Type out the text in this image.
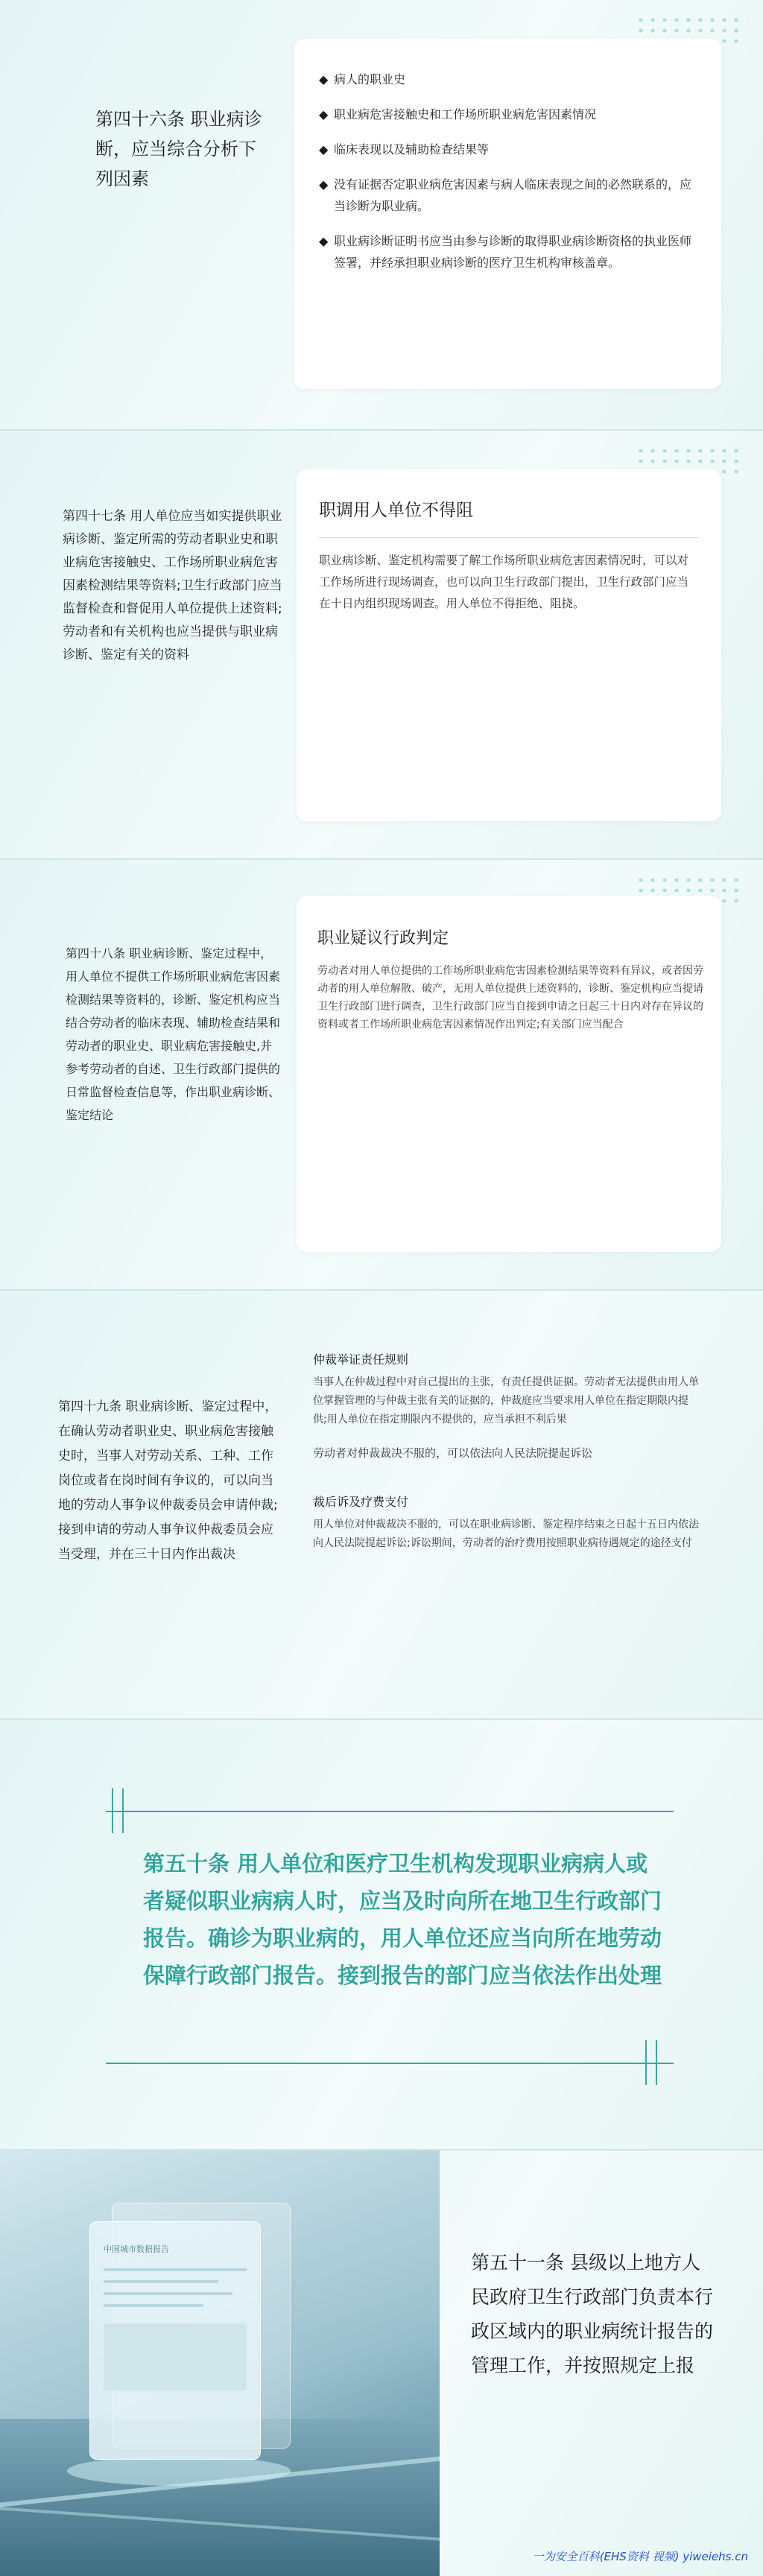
第四十六条 职业病诊断，应当综合分析下列因素
◆ 病人的职业史
◆ 职业病危害接触史和工作场所职业病危害因素情况
◆ 临床表现以及辅助检查结果等
◆ 没有证据否定职业病危害因素与病人临床表现之间的必然联系的，应当诊断为职业病。
◆ 职业病诊断证明书应当由参与诊断的取得职业病诊断资格的执业医师签署，并经承担职业病诊断的医疗卫生机构审核盖章。
第四十七条 用人单位应当如实提供职业病诊断、鉴定所需的劳动者职业史和职业病危害接触史、工作场所职业病危害因素检测结果等资料;卫生行政部门应当监督检查和督促用人单位提供上述资料;劳动者和有关机构也应当提供与职业病诊断、鉴定有关的资料
职调用人单位不得阻
职业病诊断、鉴定机构需要了解工作场所职业病危害因素情况时，可以对工作场所进行现场调查，也可以向卫生行政部门提出，卫生行政部门应当在十日内组织现场调查。用人单位不得拒绝、阻挠。
第四十八条 职业病诊断、鉴定过程中，用人单位不提供工作场所职业病危害因素检测结果等资料的，诊断、鉴定机构应当结合劳动者的临床表现、辅助检查结果和劳动者的职业史、职业病危害接触史,并参考劳动者的自述、卫生行政部门提供的日常监督检查信息等，作出职业病诊断、鉴定结论
职业疑议行政判定
劳动者对用人单位提供的工作场所职业病危害因素检测结果等资料有异议，或者因劳动者的用人单位解散、破产，无用人单位提供上述资料的，诊断、鉴定机构应当提请卫生行政部门进行调查，卫生行政部门应当自接到申请之日起三十日内对存在异议的资料或者工作场所职业病危害因素情况作出判定;有关部门应当配合
第四十九条 职业病诊断、鉴定过程中，在确认劳动者职业史、职业病危害接触史时，当事人对劳动关系、工种、工作岗位或者在岗时间有争议的，可以向当地的劳动人事争议仲裁委员会申请仲裁;接到申请的劳动人事争议仲裁委员会应当受理，并在三十日内作出裁决
仲裁举证责任规则
当事人在仲裁过程中对自己提出的主张，有责任提供证据。劳动者无法提供由用人单位掌握管理的与仲裁主张有关的证据的，仲裁庭应当要求用人单位在指定期限内提供;用人单位在指定期限内不提供的，应当承担不利后果
劳动者对仲裁裁决不服的，可以依法向人民法院提起诉讼
裁后诉及疗费支付
用人单位对仲裁裁决不服的，可以在职业病诊断、鉴定程序结束之日起十五日内依法向人民法院提起诉讼;诉讼期间，劳动者的治疗费用按照职业病待遇规定的途径支付
第五十条 用人单位和医疗卫生机构发现职业病病人或者疑似职业病病人时，应当及时向所在地卫生行政部门报告。确诊为职业病的，用人单位还应当向所在地劳动保障行政部门报告。接到报告的部门应当依法作出处理
中国城市数据报告
第五十一条 县级以上地方人民政府卫生行政部门负责本行政区域内的职业病统计报告的管理工作，并按照规定上报
一为安全百科(EHS资料 视频) yiweiehs.cn
